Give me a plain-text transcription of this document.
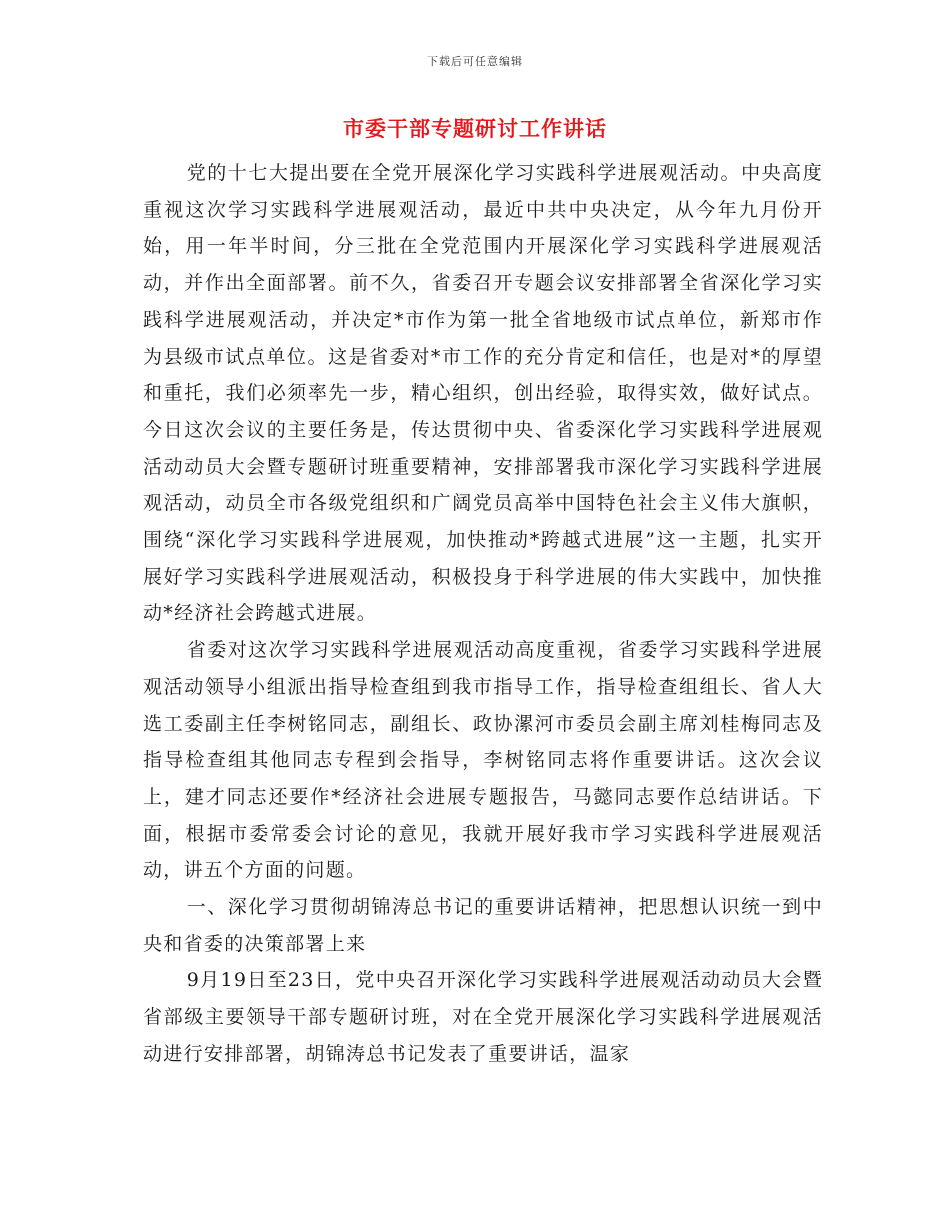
下载后可任意编辑
市委干部专题研讨工作讲话

党的十七大提出要在全党开展深化学习实践科学进展观活动。中央高度重视这次学习实践科学进展观活动，最近中共中央决定，从今年九月份开始，用一年半时间，分三批在全党范围内开展深化学习实践科学进展观活动，并作出全面部署。前不久，省委召开专题会议安排部署全省深化学习实践科学进展观活动，并决定*市作为第一批全省地级市试点单位，新郑市作为县级市试点单位。这是省委对*市工作的充分肯定和信任，也是对*的厚望和重托，我们必须率先一步，精心组织，创出经验，取得实效，做好试点。今日这次会议的主要任务是，传达贯彻中央、省委深化学习实践科学进展观活动动员大会暨专题研讨班重要精神，安排部署我市深化学习实践科学进展观活动，动员全市各级党组织和广阔党员高举中国特色社会主义伟大旗帜，围绕“深化学习实践科学进展观，加快推动*跨越式进展”这一主题，扎实开展好学习实践科学进展观活动，积极投身于科学进展的伟大实践中，加快推动*经济社会跨越式进展。

省委对这次学习实践科学进展观活动高度重视，省委学习实践科学进展观活动领导小组派出指导检查组到我市指导工作，指导检查组组长、省人大选工委副主任李树铭同志，副组长、政协漯河市委员会副主席刘桂梅同志及指导检查组其他同志专程到会指导，李树铭同志将作重要讲话。这次会议上，建才同志还要作*经济社会进展专题报告，马懿同志要作总结讲话。下面，根据市委常委会讨论的意见，我就开展好我市学习实践科学进展观活动，讲五个方面的问题。

一、深化学习贯彻胡锦涛总书记的重要讲话精神，把思想认识统一到中央和省委的决策部署上来

9月19日至23日，党中央召开深化学习实践科学进展观活动动员大会暨省部级主要领导干部专题研讨班，对在全党开展深化学习实践科学进展观活动进行安排部署，胡锦涛总书记发表了重要讲话，温家
